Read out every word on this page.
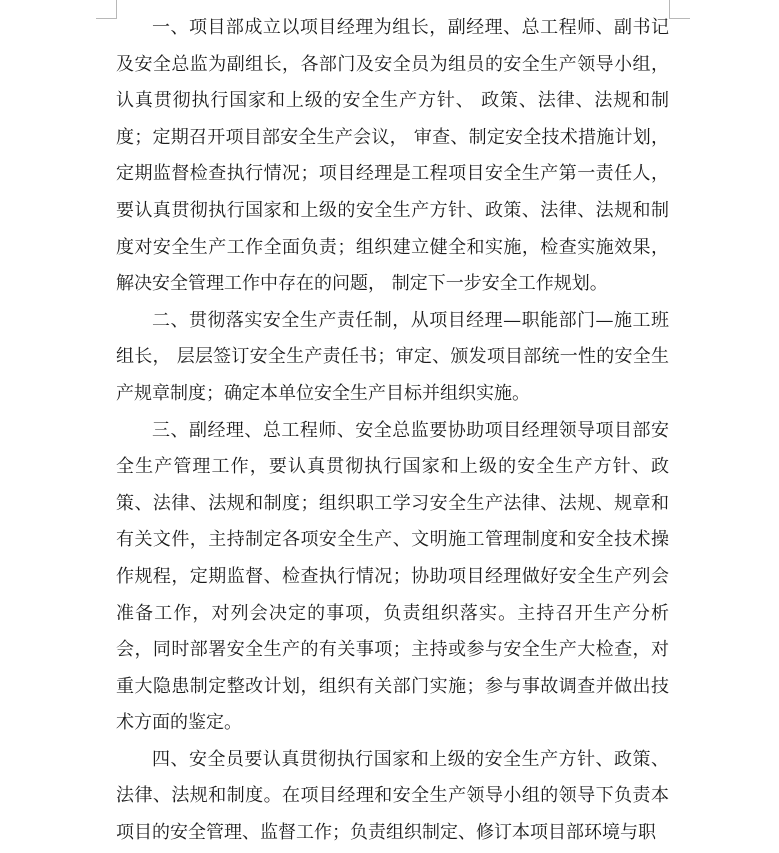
一、项目部成立以项目经理为组长，副经理、总工程师、副书记及安全总监为副组长，各部门及安全员为组员的安全生产领导小组，认真贯彻执行国家和上级的安全生产方针、 政策、法律、法规和制度；定期召开项目部安全生产会议， 审查、制定安全技术措施计划，定期监督检查执行情况；项目经理是工程项目安全生产第一责任人，要认真贯彻执行国家和上级的安全生产方针、政策、法律、法规和制度对安全生产工作全面负责；组织建立健全和实施，检查实施效果，解决安全管理工作中存在的问题， 制定下一步安全工作规划。

二、贯彻落实安全生产责任制，从项目经理—职能部门—施工班组长， 层层签订安全生产责任书；审定、颁发项目部统一性的安全生产规章制度；确定本单位安全生产目标并组织实施。

三、副经理、总工程师、安全总监要协助项目经理领导项目部安全生产管理工作，要认真贯彻执行国家和上级的安全生产方针、政策、法律、法规和制度；组织职工学习安全生产法律、法规、规章和有关文件，主持制定各项安全生产、文明施工管理制度和安全技术操作规程，定期监督、检查执行情况；协助项目经理做好安全生产列会准备工作，对列会决定的事项，负责组织落实。主持召开生产分析会，同时部署安全生产的有关事项；主持或参与安全生产大检查，对重大隐患制定整改计划，组织有关部门实施；参与事故调查并做出技术方面的鉴定。

四、安全员要认真贯彻执行国家和上级的安全生产方针、政策、法律、法规和制度。在项目经理和安全生产领导小组的领导下负责本项目的安全管理、监督工作；负责组织制定、修订本项目部环境与职
